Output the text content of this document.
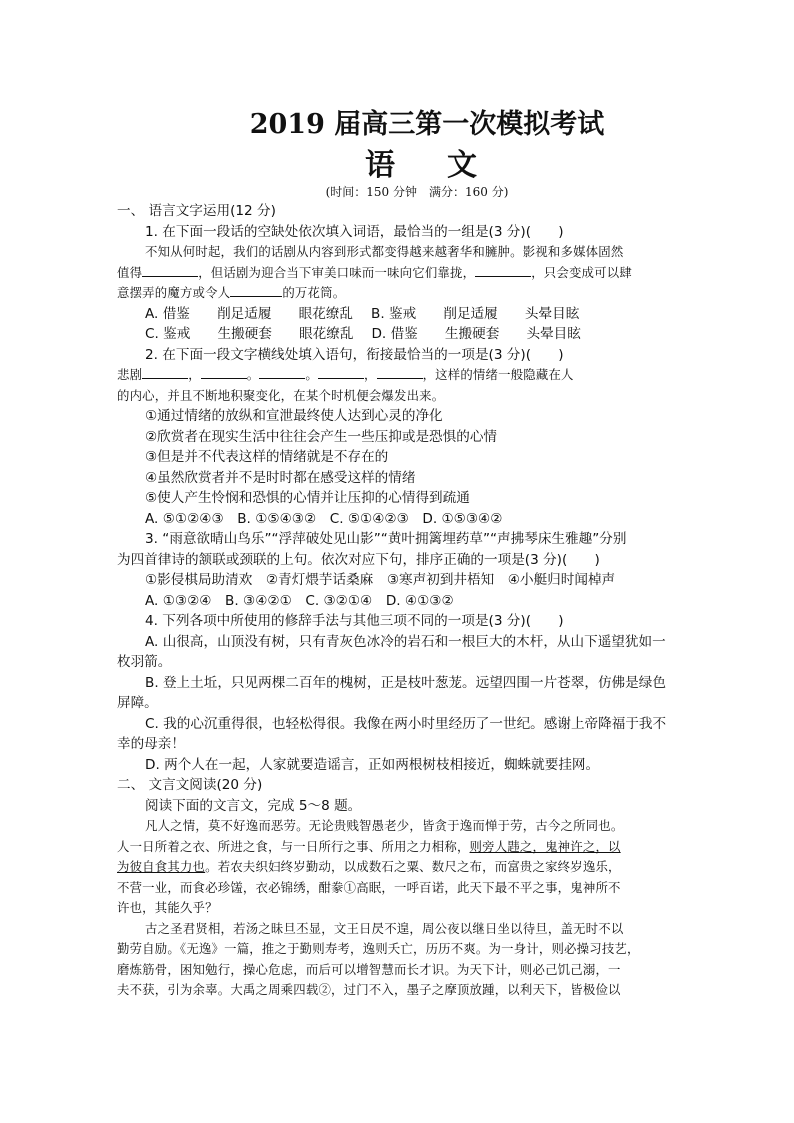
2019 届高三第一次模拟考试
语文
(时间：150 分钟　满分：160 分)
一、 语言文字运用(12 分)
1. 在下面一段话的空缺处依次填入词语，最恰当的一组是(3 分)(　　)
不知从何时起，我们的话剧从内容到形式都变得越来越奢华和臃肿。影视和多媒体固然
值得	，但话剧为迎合当下审美口味而一味向它们靠拢，	，只会变成可以肆
意摆弄的魔方或令人	的万花筒。
A. 借鉴　　削足适履　　眼花缭乱 B. 鉴戒　　削足适履　　头晕目眩
C. 鉴戒　　生搬硬套　　眼花缭乱 D. 借鉴　　生搬硬套　　头晕目眩
2. 在下面一段文字横线处填入语句，衔接最恰当的一项是(3 分)(　　)
悲剧	，	。	。	，	，这样的情绪一般隐藏在人
的内心，并且不断地积聚变化，在某个时机便会爆发出来。
①通过情绪的放纵和宣泄最终使人达到心灵的净化
②欣赏者在现实生活中往往会产生一些压抑或是恐惧的心情
③但是并不代表这样的情绪就是不存在的
④虽然欣赏者并不是时时都在感受这样的情绪
⑤使人产生怜悯和恐惧的心情并让压抑的心情得到疏通
A. ⑤①②④③　B. ①⑤④③②　C. ⑤①④②③　D. ①⑤③④②
3. “雨意欲晴山鸟乐”“浮萍破处见山影”“黄叶拥篱埋药草”“声拂琴床生雅趣”分别
为四首律诗的颔联或颈联的上句。依次对应下句，排序正确的一项是(3 分)(　　)
①影侵棋局助清欢　②青灯煨芋话桑麻　③寒声初到井梧知　④小艇归时闻棹声
A. ①③②④　B. ③④②①　C. ③②①④　D. ④①③②
4. 下列各项中所使用的修辞手法与其他三项不同的一项是(3 分)(　　)
A. 山很高，山顶没有树，只有青灰色冰冷的岩石和一根巨大的木杆，从山下遥望犹如一
枚羽箭。
B. 登上土坵，只见两棵二百年的槐树，正是枝叶葱茏。远望四围一片苍翠，仿佛是绿色
屏障。
C. 我的心沉重得很，也轻松得很。我像在两小时里经历了一世纪。感谢上帝降福于我不
幸的母亲！
D. 两个人在一起，人家就要造谣言，正如两根树枝相接近，蜘蛛就要挂网。
二、 文言文阅读(20 分)
阅读下面的文言文，完成 5～8 题。
凡人之情，莫不好逸而恶劳。无论贵贱智愚老少，皆贪于逸而惮于劳，古今之所同也。
人一日所着之衣、所进之食，与一日所行之事、所用之力相称，则旁人韪之，鬼神许之，以
为彼自食其力也。若农夫织妇终岁勤动，以成数石之粟、数尺之布，而富贵之家终岁逸乐，
不营一业，而食必珍馐，衣必锦绣，酣豢①高眠，一呼百诺，此天下最不平之事，鬼神所不
许也，其能久乎？
古之圣君贤相，若汤之昧旦丕显，文王日昃不遑，周公夜以继日坐以待旦，盖无时不以
勤劳自励。《无逸》一篇，推之于勤则寿考，逸则夭亡，历历不爽。为一身计，则必操习技艺，
磨炼筋骨，困知勉行，操心危虑，而后可以增智慧而长才识。为天下计，则必己饥己溺，一
夫不获，引为余辜。大禹之周乘四载②，过门不入，墨子之摩顶放踵，以利天下，皆极俭以
